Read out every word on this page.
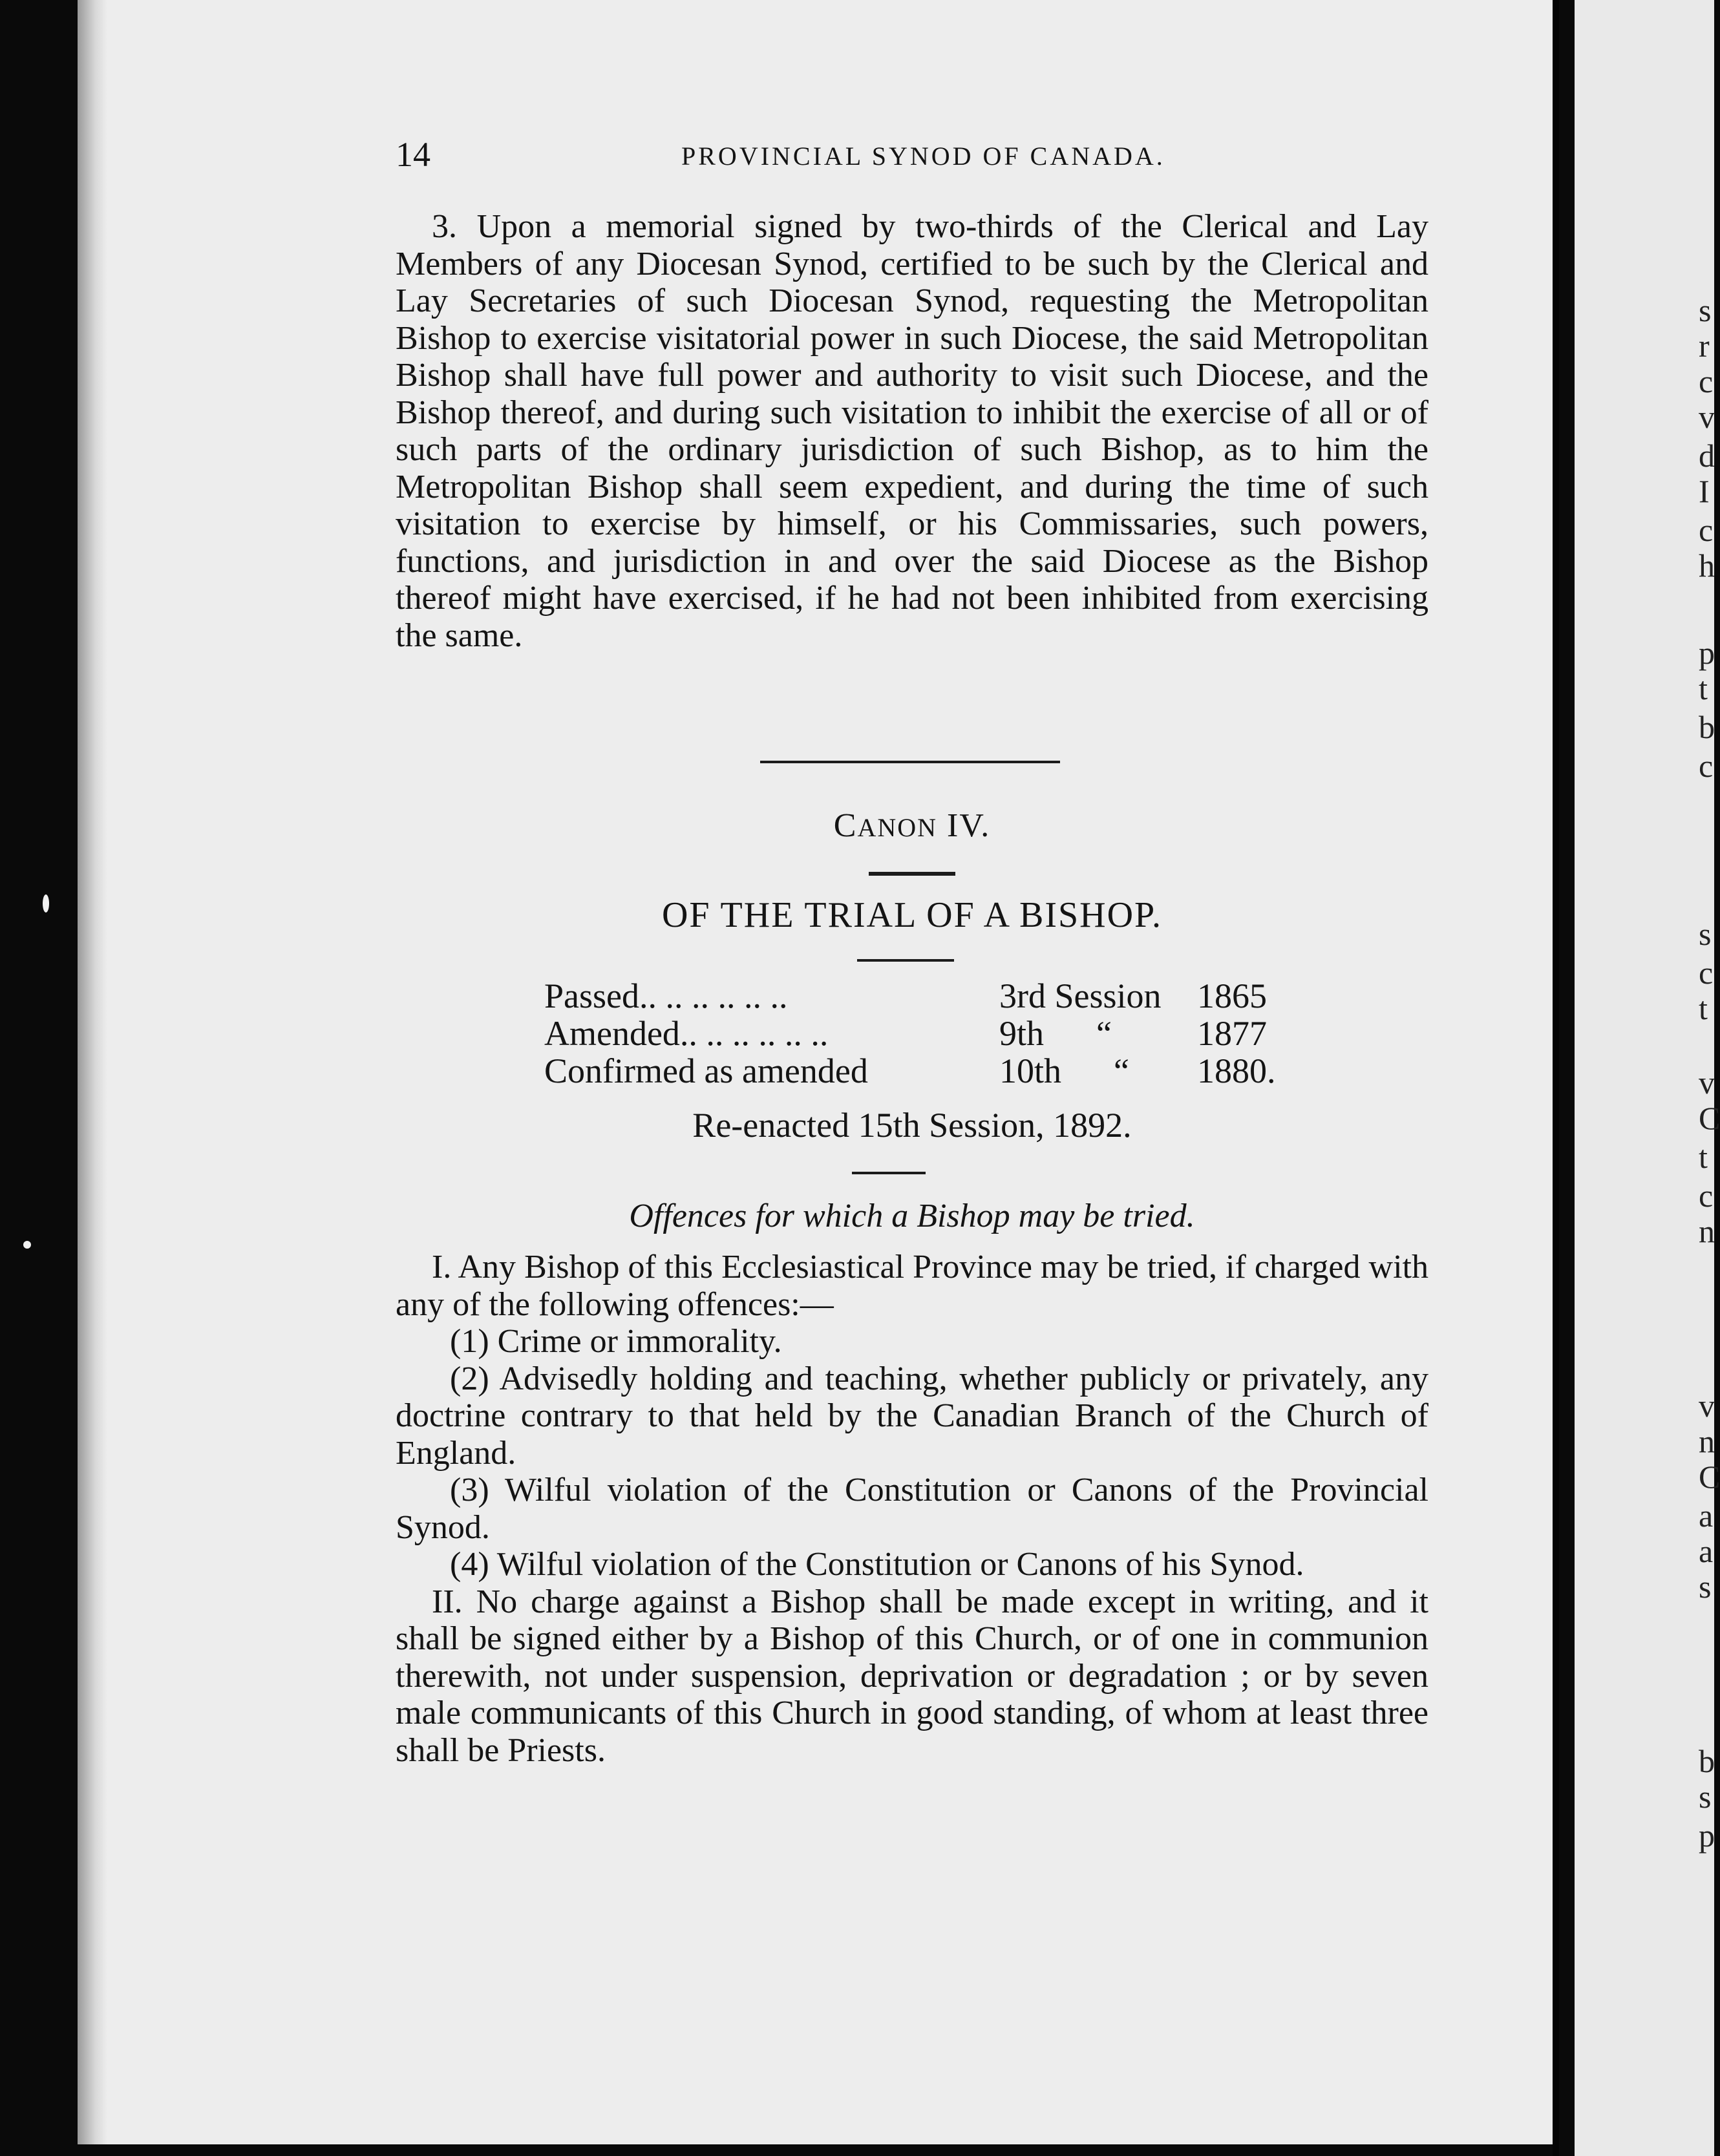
s
r
c
v
d
I
c
h
p
t
b
c
s
c
t
v
C
t
c
n
v
n
C
a
a
s
b
s
p
14	PROVINCIAL SYNOD OF CANADA.

3. Upon a memorial signed by two-thirds of the Clerical and Lay Members of any Diocesan Synod, certified to be such by the Clerical and Lay Secretaries of such Diocesan Synod, requesting the Metropolitan Bishop to exercise visitatorial power in such Diocese, the said Metropolitan Bishop shall have full power and authority to visit such Diocese, and the Bishop thereof, and during such visitation to inhibit the exercise of all or of such parts of the ordinary jurisdiction of such Bishop, as to him the Metropolitan Bishop shall seem expedient, and during the time of such visitation to exercise by himself, or his Commissaries, such powers, functions, and jurisdiction in and over the said Diocese as the Bishop thereof might have exercised, if he had not been inhibited from exercising the same.

CANON IV.
OF THE TRIAL OF A BISHOP.
Passed.. .. .. .. .. ..	3rd Session 1865
Amended.. .. .. .. .. ..	9th      “ 1877
Confirmed as amended	10th      “ 1880.
Re-enacted 15th Session, 1892.
Offences for which a Bishop may be tried.

I. Any Bishop of this Ecclesiastical Province may be tried, if charged with any of the following offences:—

(1) Crime or immorality.

(2) Advisedly holding and teaching, whether publicly or privately, any doctrine contrary to that held by the Canadian Branch of the Church of England.

(3) Wilful violation of the Constitution or Canons of the Provincial Synod.

(4) Wilful violation of the Constitution or Canons of his Synod.

II. No charge against a Bishop shall be made except in writing, and it shall be signed either by a Bishop of this Church, or of one in communion therewith, not under suspension, deprivation or degradation ; or by seven male communicants of this Church in good standing, of whom at least three shall be Priests.
